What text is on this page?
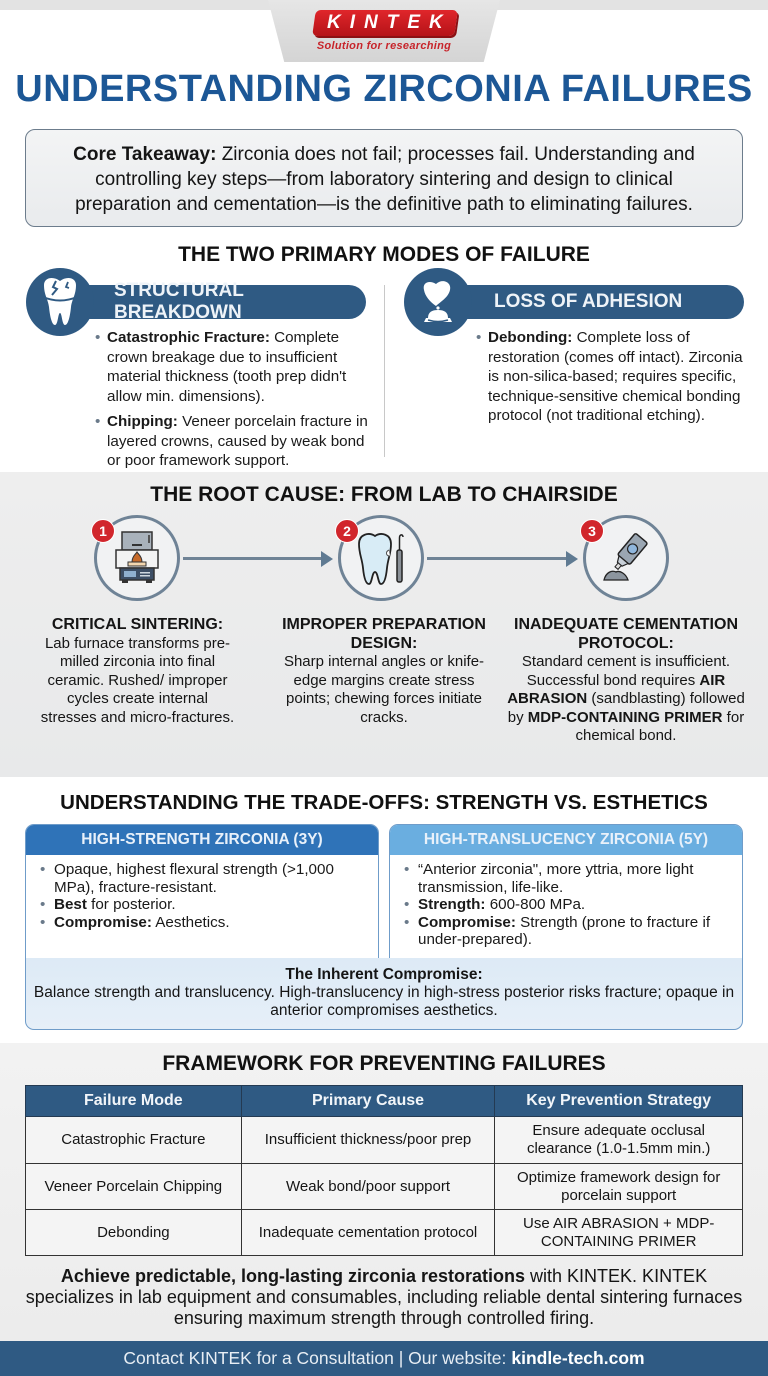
KINTEK
Solution for researching
UNDERSTANDING ZIRCONIA FAILURES
Core Takeaway: Zirconia does not fail; processes fail. Understanding and controlling key steps—from laboratory sintering and design to clinical preparation and cementation—is the definitive path to eliminating failures.
THE TWO PRIMARY MODES OF FAILURE
STRUCTURAL BREAKDOWN
• Catastrophic Fracture: Complete crown breakage due to insufficient material thickness (tooth prep didn't allow min. dimensions).
• Chipping: Veneer porcelain fracture in layered crowns, caused by weak bond or poor framework support.
LOSS OF ADHESION
• Debonding: Complete loss of restoration (comes off intact). Zirconia is non-silica-based; requires specific, technique-sensitive chemical bonding protocol (not traditional etching).
THE ROOT CAUSE: FROM LAB TO CHAIRSIDE
1	2	3
CRITICAL SINTERING:
Lab furnace transforms pre-milled zirconia into final ceramic. Rushed/ improper cycles create internal stresses and micro-fractures.
IMPROPER PREPARATION DESIGN:
Sharp internal angles or knife-edge margins create stress points; chewing forces initiate cracks.
INADEQUATE CEMENTATION PROTOCOL:
Standard cement is insufficient. Successful bond requires AIR ABRASION (sandblasting) followed by MDP-CONTAINING PRIMER for chemical bond.
UNDERSTANDING THE TRADE-OFFS: STRENGTH VS. ESTHETICS
HIGH-STRENGTH ZIRCONIA (3Y)
• Opaque, highest flexural strength (>1,000 MPa), fracture-resistant.
• Best for posterior.
• Compromise: Aesthetics.
HIGH-TRANSLUCENCY ZIRCONIA (5Y)
• “Anterior zirconia", more yttria, more light transmission, life-like.
• Strength: 600-800 MPa.
• Compromise: Strength (prone to fracture if under-prepared).
The Inherent Compromise:
Balance strength and translucency. High-translucency in high-stress posterior risks fracture; opaque in anterior compromises aesthetics.
FRAMEWORK FOR PREVENTING FAILURES
Failure Mode	Primary Cause	Key Prevention Strategy
Catastrophic Fracture	Insufficient thickness/poor prep	Ensure adequate occlusal clearance (1.0-1.5mm min.)
Veneer Porcelain Chipping	Weak bond/poor support	Optimize framework design for porcelain support
Debonding	Inadequate cementation protocol	Use AIR ABRASION + MDP-CONTAINING PRIMER
Achieve predictable, long-lasting zirconia restorations with KINTEK. KINTEK specializes in lab equipment and consumables, including reliable dental sintering furnaces ensuring maximum strength through controlled firing.
Contact KINTEK for a Consultation | Our website: kindle-tech.com
